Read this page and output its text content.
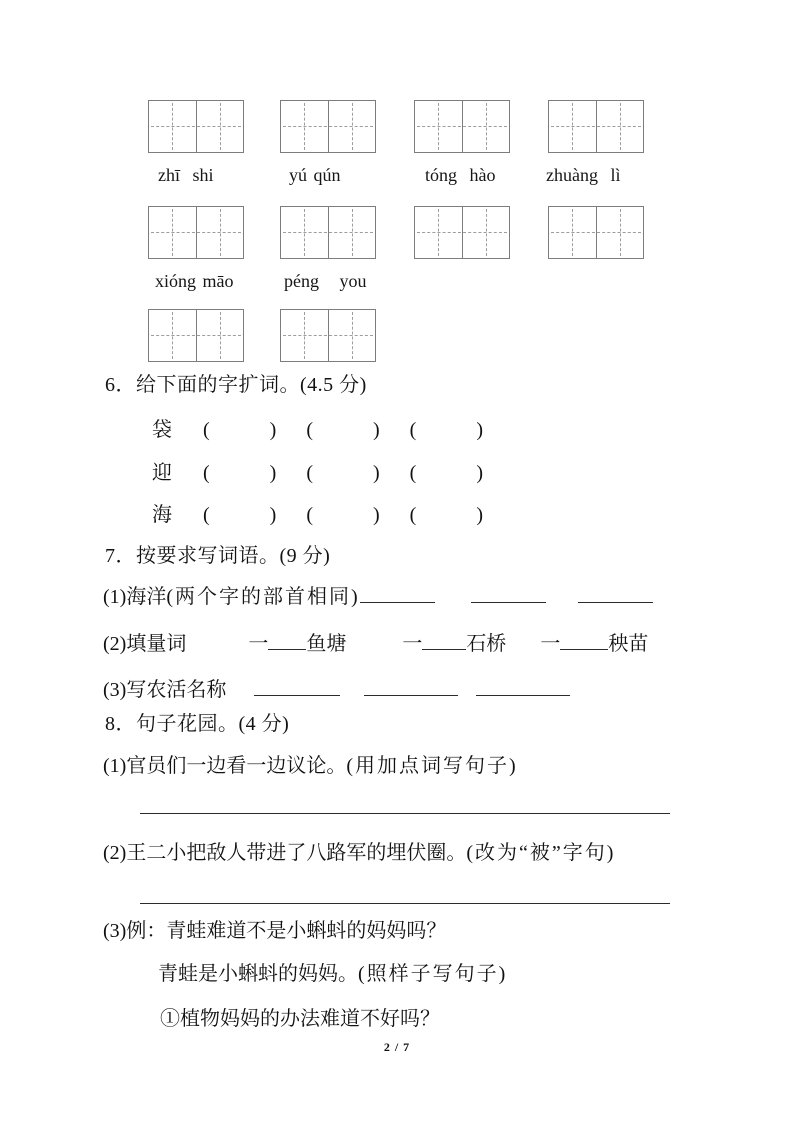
zhī shi	yú qún	tóng hào	zhuàng lì
xióng māo	péng you
6．给下面的字扩词。(4.5 分)
袋 (　　　) (　　　) (　　　)
迎 (　　　) (　　　) (　　　)
海 (　　　) (　　　) (　　　)
7．按要求写词语。(9 分)
(1)海洋(两个字的部首相同)
(2)填量词	一 鱼塘	一 石桥 一 秧苗
(3)写农活名称
8．句子花园。(4 分)
(1)官员们一边看一边议论。(用加点词写句子)
(2)王二小把敌人带进了八路军的埋伏圈。(改为“被”字句)
(3)例：青蛙难道不是小蝌蚪的妈妈吗？
青蛙是小蝌蚪的妈妈。(照样子写句子)
①植物妈妈的办法难道不好吗？
2 / 7
